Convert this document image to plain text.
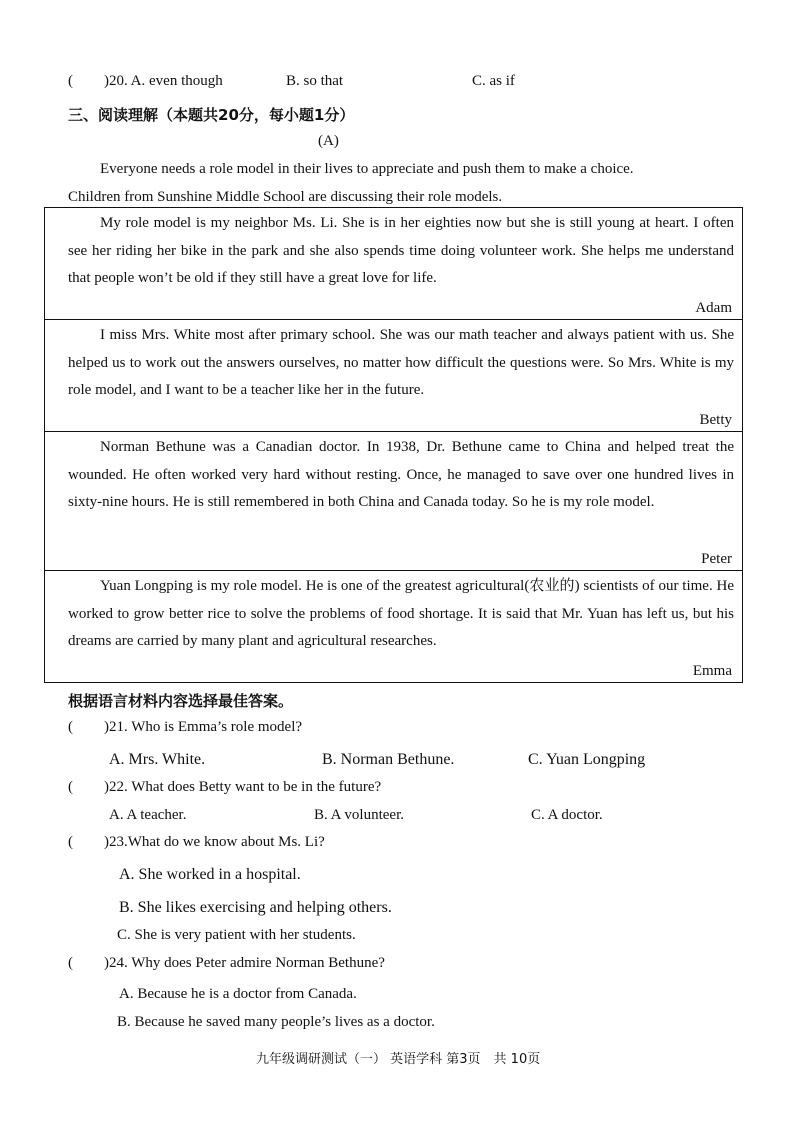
( )20. A. even though	B. so that	C. as if
三、阅读理解（本题共20分，每小题1分）
(A)
Everyone needs a role model in their lives to appreciate and push them to make a choice.
Children from Sunshine Middle School are discussing their role models.
My role model is my neighbor Ms. Li. She is in her eighties now but she is still young at heart. I often see her riding her bike in the park and she also spends time doing volunteer work. She helps me understand that people won’t be old if they still have a great love for life.
Adam
I miss Mrs. White most after primary school. She was our math teacher and always patient with us. She helped us to work out the answers ourselves, no matter how difficult the questions were. So Mrs. White is my role model, and I want to be a teacher like her in the future.
Betty
Norman Bethune was a Canadian doctor. In 1938, Dr. Bethune came to China and helped treat the wounded. He often worked very hard without resting. Once, he managed to save over one hundred lives in sixty-nine hours. He is still remembered in both China and Canada today. So he is my role model.
Peter
Yuan Longping is my role model. He is one of the greatest agricultural(农业的) scientists of our time. He worked to grow better rice to solve the problems of food shortage. It is said that Mr. Yuan has left us, but his dreams are carried by many plant and agricultural researches.
Emma
根据语言材料内容选择最佳答案。
( )21. Who is Emma’s role model?
A. Mrs. White.	B. Norman Bethune.	C. Yuan Longping
( )22. What does Betty want to be in the future?
A. A teacher.	B. A volunteer.	C. A doctor.
( )23.What do we know about Ms. Li?
A. She worked in a hospital.
B. She likes exercising and helping others.
C. She is very patient with her students.
( )24. Why does Peter admire Norman Bethune?
A. Because he is a doctor from Canada.
B. Because he saved many people’s lives as a doctor.
九年级调研测试（一） 英语学科 第3页　共 10页
